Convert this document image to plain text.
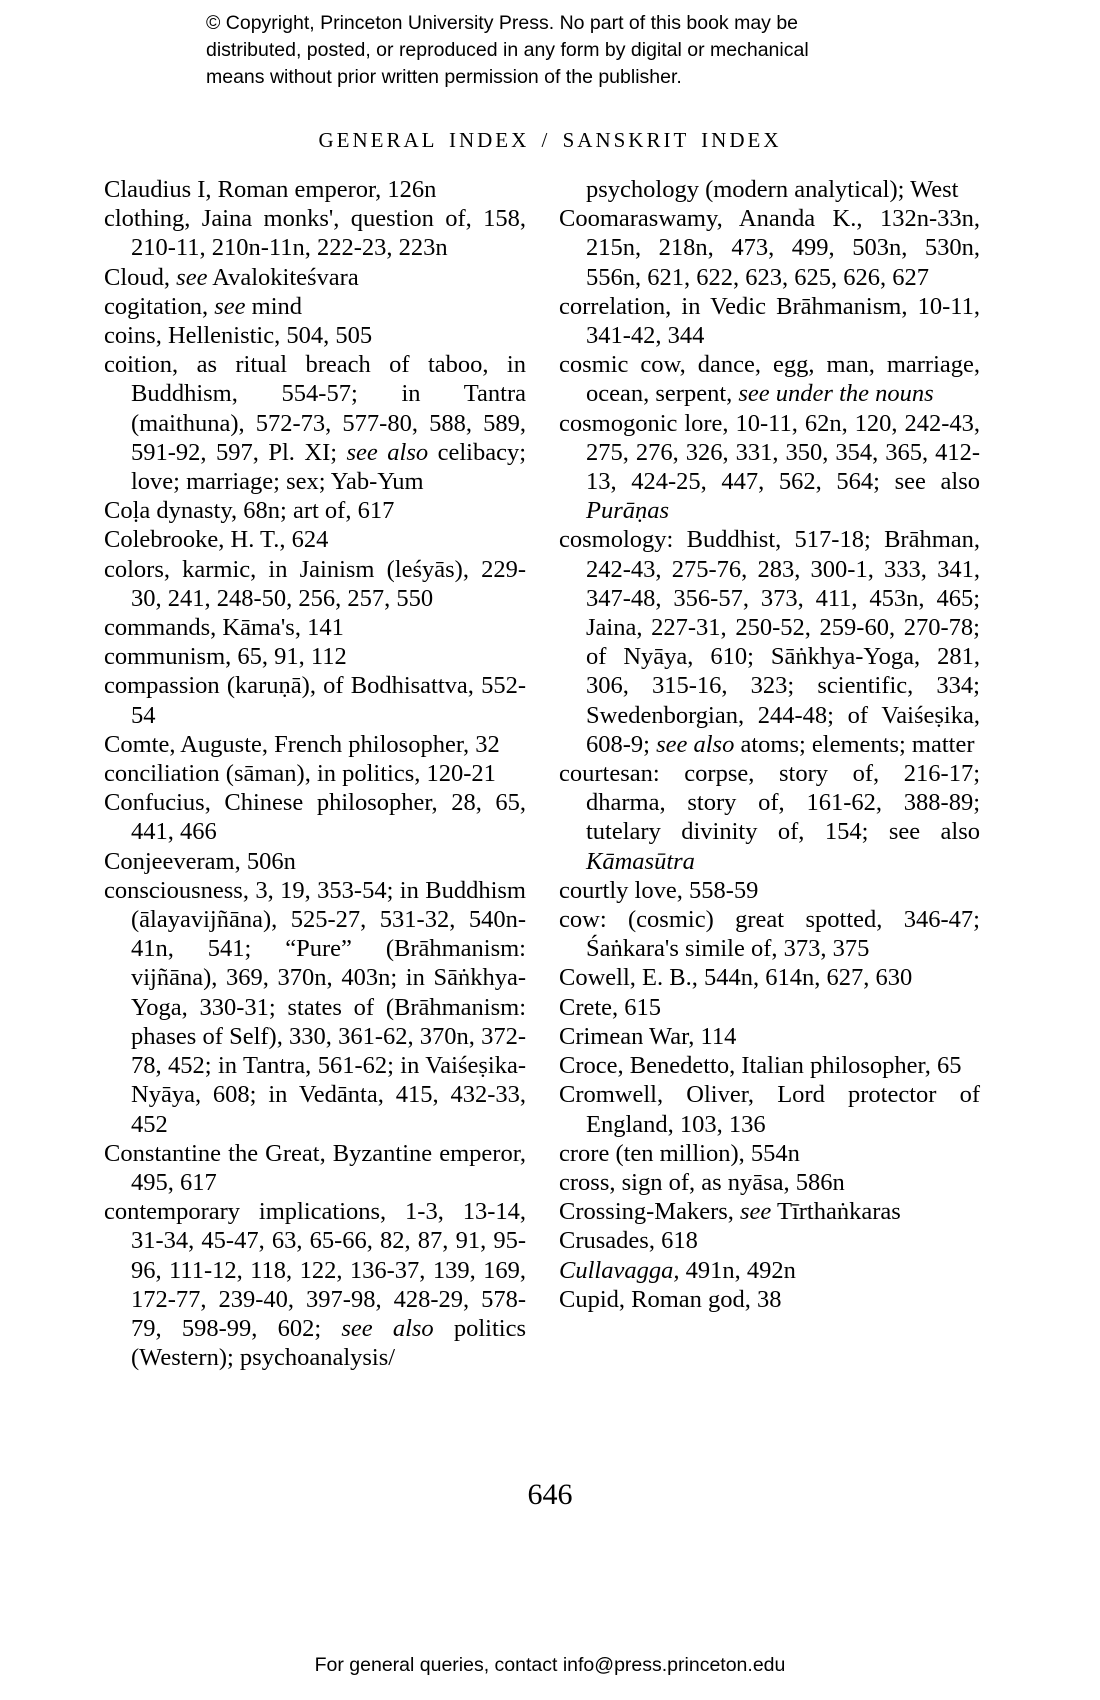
© Copyright, Princeton University Press. No part of this book may be
distributed, posted, or reproduced in any form by digital or mechanical
means without prior written permission of the publisher.
GENERAL INDEX / SANSKRIT INDEX

Claudius I, Roman emperor, 126n

clothing, Jaina monks', question of, 158, 210-11, 210n-11n, 222-23, 223n

Cloud, see Avalokiteśvara

cogitation, see mind

coins, Hellenistic, 504, 505

coition, as ritual breach of taboo, in Buddhism, 554-57; in Tantra (maithuna), 572-73, 577-80, 588, 589, 591-92, 597, Pl. XI; see also celibacy; love; marriage; sex; Yab-Yum

Coḷa dynasty, 68n; art of, 617

Colebrooke, H. T., 624

colors, karmic, in Jainism (leśyās), 229-30, 241, 248-50, 256, 257, 550

commands, Kāma's, 141

communism, 65, 91, 112

compassion (karuṇā), of Bodhisattva, 552-54

Comte, Auguste, French philosopher, 32

conciliation (sāman), in politics, 120-21

Confucius, Chinese philosopher, 28, 65, 441, 466

Conjeeveram, 506n

consciousness, 3, 19, 353-54; in Buddhism (ālayavijñāna), 525-27, 531-32, 540n-41n, 541; “Pure” (Brāhmanism: vijñāna), 369, 370n, 403n; in Sāṅkhya-Yoga, 330-31; states of (Brāhmanism: phases of Self), 330, 361-62, 370n, 372-78, 452; in Tantra, 561-62; in Vaiśeṣika-Nyāya, 608; in Vedānta, 415, 432-33, 452

Constantine the Great, Byzantine emperor, 495, 617

contemporary implications, 1-3, 13-14, 31-34, 45-47, 63, 65-66, 82, 87, 91, 95-96, 111-12, 118, 122, 136-37, 139, 169, 172-77, 239-40, 397-98, 428-29, 578-79, 598-99, 602; see also politics (Western); psychoanalysis/

psychology (modern analytical); West

Coomaraswamy, Ananda K., 132n-33n, 215n, 218n, 473, 499, 503n, 530n, 556n, 621, 622, 623, 625, 626, 627

correlation, in Vedic Brāhmanism, 10-11, 341-42, 344

cosmic cow, dance, egg, man, marriage, ocean, serpent, see under the nouns

cosmogonic lore, 10-11, 62n, 120, 242-43, 275, 276, 326, 331, 350, 354, 365, 412-13, 424-25, 447, 562, 564; see also Purāṇas

cosmology: Buddhist, 517-18; Brāhman, 242-43, 275-76, 283, 300-1, 333, 341, 347-48, 356-57, 373, 411, 453n, 465; Jaina, 227-31, 250-52, 259-60, 270-78; of Nyāya, 610; Sāṅkhya-Yoga, 281, 306, 315-16, 323; scientific, 334; Swedenborgian, 244-48; of Vaiśeṣika, 608-9; see also atoms; elements; matter

courtesan: corpse, story of, 216-17; dharma, story of, 161-62, 388-89; tutelary divinity of, 154; see also Kāmasūtra

courtly love, 558-59

cow: (cosmic) great spotted, 346-47; Śaṅkara's simile of, 373, 375

Cowell, E. B., 544n, 614n, 627, 630

Crete, 615

Crimean War, 114

Croce, Benedetto, Italian philosopher, 65

Cromwell, Oliver, Lord protector of England, 103, 136

crore (ten million), 554n

cross, sign of, as nyāsa, 586n

Crossing-Makers, see Tīrthaṅkaras

Crusades, 618

Cullavagga, 491n, 492n

Cupid, Roman god, 38

646
For general queries, contact info@press.princeton.edu
